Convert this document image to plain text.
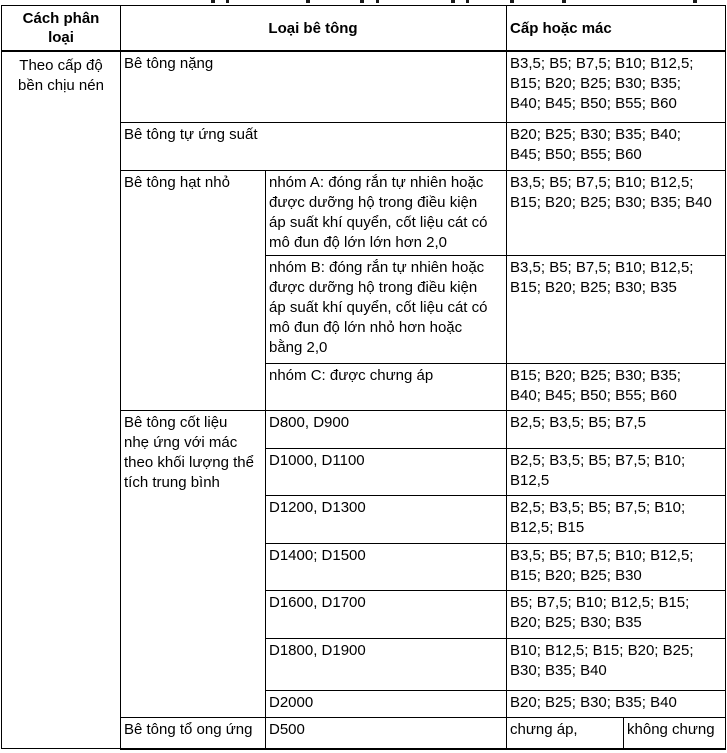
Cách phân loại	Loại bê tông		Cấp hoặc mác	
Theo cấp độ bền chịu nén	Bê tông nặng		B3,5; B5; B7,5; B10; B12,5; B15; B20; B25; B30; B35; B40; B45; B50; B55; B60	
	Bê tông tự ứng suất		B20; B25; B30; B35; B40; B45; B50; B55; B60	
	Bê tông hạt nhỏ	nhóm A: đóng rắn tự nhiên hoặc được dưỡng hộ trong điều kiện áp suất khí quyển, cốt liệu cát có mô đun độ lớn lớn hơn 2,0	B3,5; B5; B7,5; B10; B12,5; B15; B20; B25; B30; B35; B40	
		nhóm B: đóng rắn tự nhiên hoặc được dưỡng hộ trong điều kiện áp suất khí quyển, cốt liệu cát có mô đun độ lớn nhỏ hơn hoặc bằng 2,0	B3,5; B5; B7,5; B10; B12,5; B15; B20; B25; B30; B35	
		nhóm C: được chưng áp	B15; B20; B25; B30; B35; B40; B45; B50; B55; B60	
	Bê tông cốt liệu nhẹ ứng với mác theo khối lượng thể tích trung bình	D800, D900	B2,5; B3,5; B5; B7,5	
		D1000, D1100	B2,5; B3,5; B5; B7,5; B10; B12,5	
		D1200, D1300	B2,5; B3,5; B5; B7,5; B10; B12,5; B15	
		D1400; D1500	B3,5; B5; B7,5; B10; B12,5; B15; B20; B25; B30	
		D1600, D1700	B5; B7,5; B10; B12,5; B15; B20; B25; B30; B35	
		D1800, D1900	B10; B12,5; B15; B20; B25; B30; B35; B40	
		D2000	B20; B25; B30; B35; B40	
	Bê tông tổ ong ứng	D500	chưng áp,	không chưng
